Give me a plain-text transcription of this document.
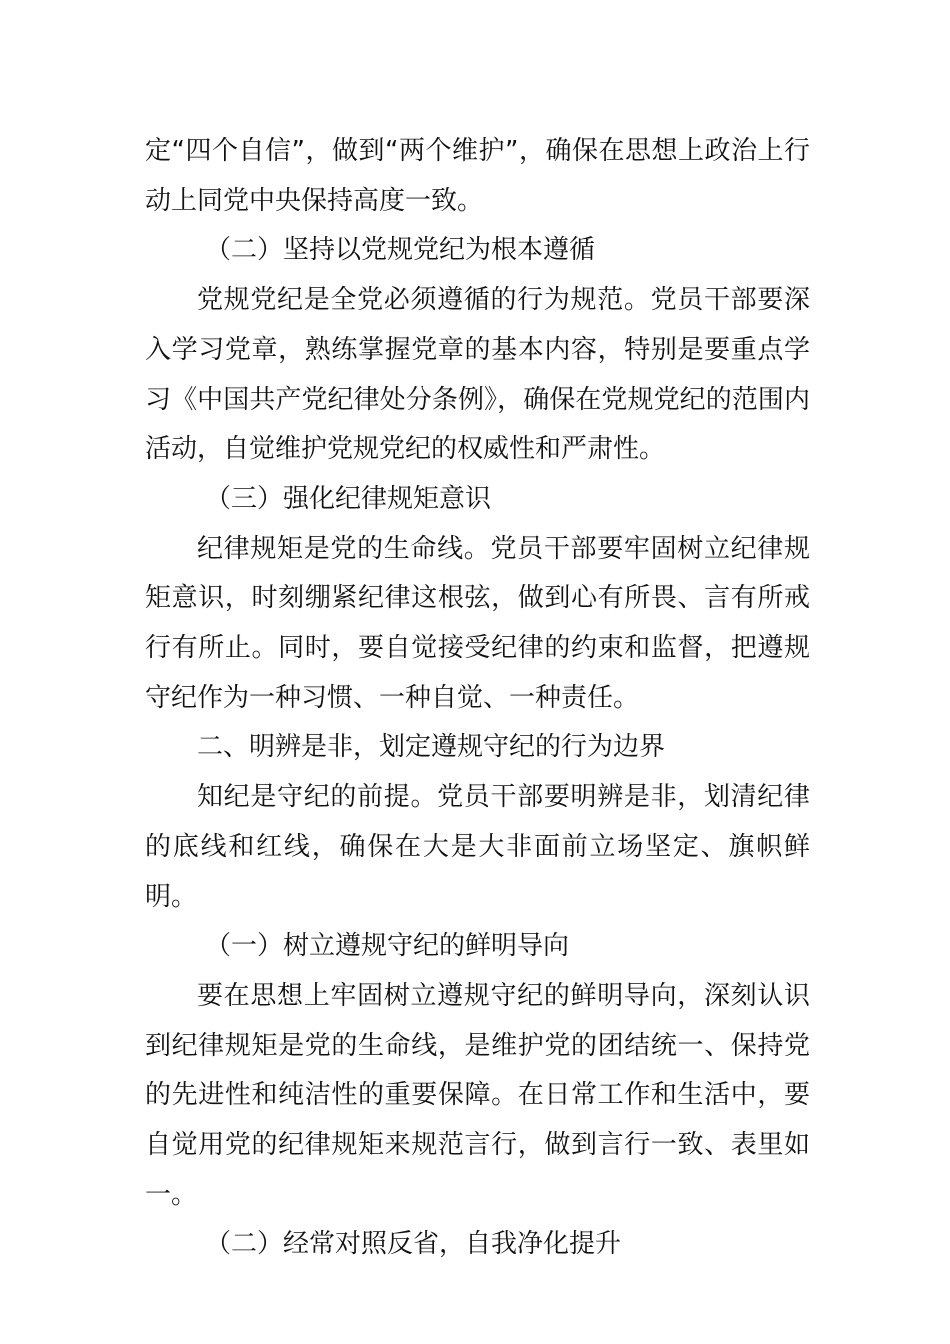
定“四个自信”，做到“两个维护”，确保在思想上政治上行动上同党中央保持高度一致。

（二）坚持以党规党纪为根本遵循

党规党纪是全党必须遵循的行为规范。党员干部要深入学习党章，熟练掌握党章的基本内容，特别是要重点学习《中国共产党纪律处分条例》，确保在党规党纪的范围内活动，自觉维护党规党纪的权威性和严肃性。

（三）强化纪律规矩意识

纪律规矩是党的生命线。党员干部要牢固树立纪律规矩意识，时刻绷紧纪律这根弦，做到心有所畏、言有所戒行有所止。同时，要自觉接受纪律的约束和监督，把遵规守纪作为一种习惯、一种自觉、一种责任。

二、明辨是非，划定遵规守纪的行为边界

知纪是守纪的前提。党员干部要明辨是非，划清纪律的底线和红线，确保在大是大非面前立场坚定、旗帜鲜明。

（一）树立遵规守纪的鲜明导向

要在思想上牢固树立遵规守纪的鲜明导向，深刻认识到纪律规矩是党的生命线，是维护党的团结统一、保持党的先进性和纯洁性的重要保障。在日常工作和生活中，要自觉用党的纪律规矩来规范言行，做到言行一致、表里如一。

（二）经常对照反省，自我净化提升
